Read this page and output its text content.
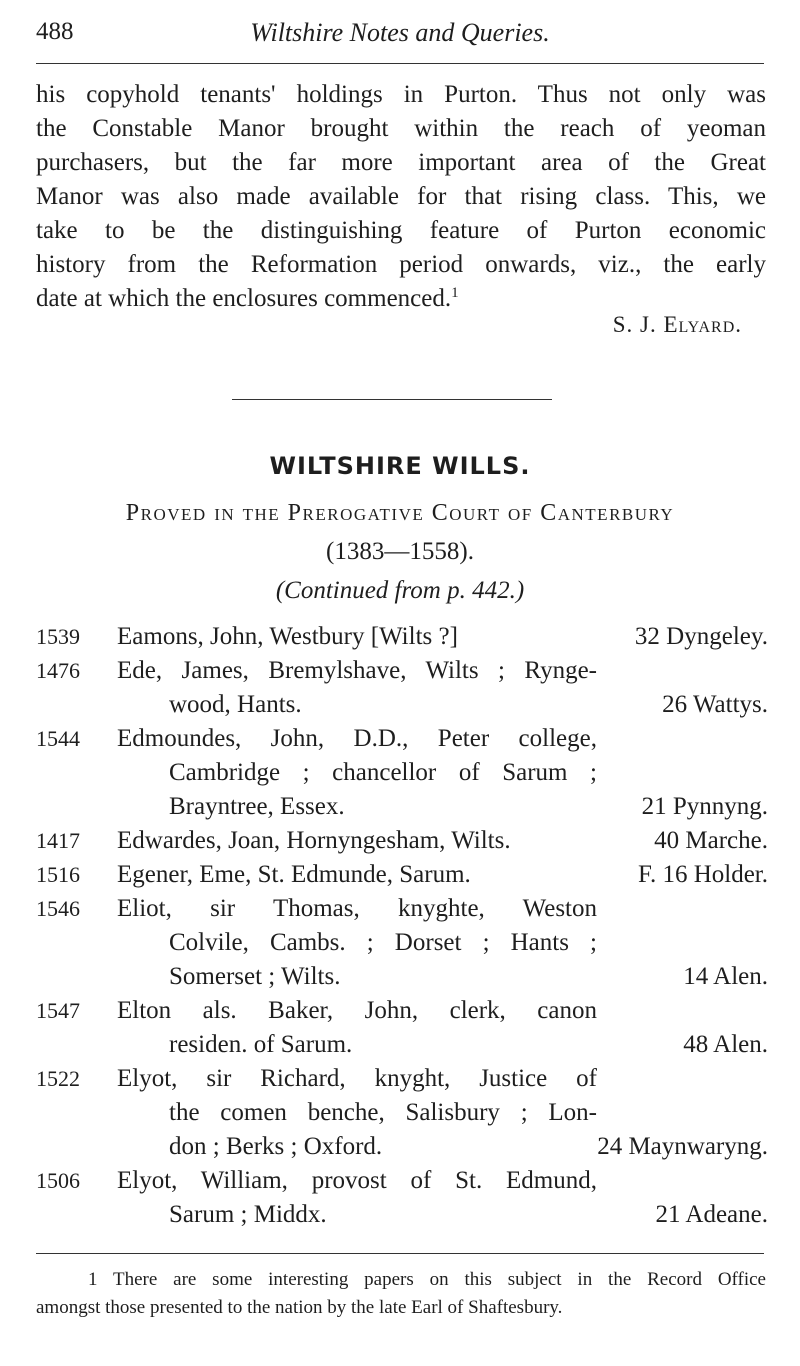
488	Wiltshire Notes and Queries.
his copyhold tenants' holdings in Purton. Thus not only was
the Constable Manor brought within the reach of yeoman
purchasers, but the far more important area of the Great
Manor was also made available for that rising class. This, we
take to be the distinguishing feature of Purton economic
history from the Reformation period onwards, viz., the early
date at which the enclosures commenced.$^1$
S. J. Elyard.
WILTSHIRE WILLS.
Proved in the Prerogative Court of Canterbury
(1383—1558).
(Continued from p. 442.)
1539	Eamons, John, Westbury [Wilts ?]	32 Dyngeley.
1476	Ede, James, Bremylshave, Wilts ; Rynge-
wood, Hants.	26 Wattys.
1544	Edmoundes, John, D.D., Peter college,
Cambridge ; chancellor of Sarum ;
Brayntree, Essex.	21 Pynnyng.
1417	Edwardes, Joan, Hornyngesham, Wilts.	40 Marche.
1516	Egener, Eme, St. Edmunde, Sarum.	F. 16 Holder.
1546	Eliot, sir Thomas, knyghte, Weston
Colvile, Cambs. ; Dorset ; Hants ;
Somerset ; Wilts.	14 Alen.
1547	Elton als. Baker, John, clerk, canon
residen. of Sarum.	48 Alen.
1522	Elyot, sir Richard, knyght, Justice of
the comen benche, Salisbury ; Lon-
don ; Berks ; Oxford.	24 Maynwaryng.
1506	Elyot, William, provost of St. Edmund,
Sarum ; Middx.	21 Adeane.
1 There are some interesting papers on this subject in the Record Office
amongst those presented to the nation by the late Earl of Shaftesbury.
